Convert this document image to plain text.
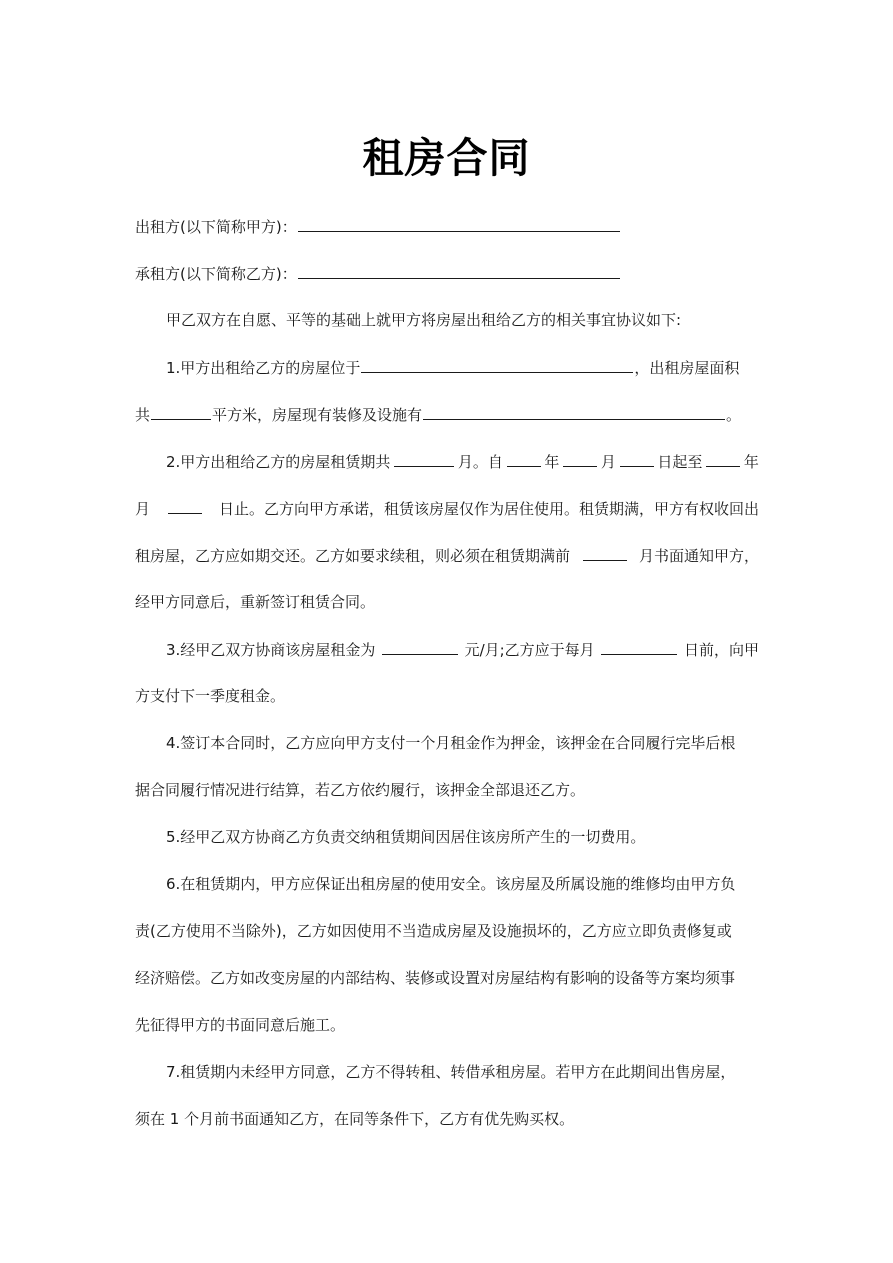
租房合同
出租方(以下简称甲方)：
承租方(以下简称乙方)：
甲乙双方在自愿、平等的基础上就甲方将房屋出租给乙方的相关事宜协议如下:
1.甲方出租给乙方的房屋位于	，出租房屋面积
共	平方米，房屋现有装修及设施有	。
2.甲方出租给乙方的房屋租赁期共	月。自	年	月	日起至	年
月	日止。乙方向甲方承诺，租赁该房屋仅作为居住使用。租赁期满，甲方有权收回出
租房屋，乙方应如期交还。乙方如要求续租，则必须在租赁期满前	月书面通知甲方，
经甲方同意后，重新签订租赁合同。
3.经甲乙双方协商该房屋租金为	元/月;乙方应于每月	日前，向甲
方支付下一季度租金。
4.签订本合同时，乙方应向甲方支付一个月租金作为押金，该押金在合同履行完毕后根
据合同履行情况进行结算，若乙方依约履行，该押金全部退还乙方。
5.经甲乙双方协商乙方负责交纳租赁期间因居住该房所产生的一切费用。
6.在租赁期内，甲方应保证出租房屋的使用安全。该房屋及所属设施的维修均由甲方负
责(乙方使用不当除外)，乙方如因使用不当造成房屋及设施损坏的，乙方应立即负责修复或
经济赔偿。乙方如改变房屋的内部结构、装修或设置对房屋结构有影响的设备等方案均须事
先征得甲方的书面同意后施工。
7.租赁期内未经甲方同意，乙方不得转租、转借承租房屋。若甲方在此期间出售房屋，
须在 1 个月前书面通知乙方，在同等条件下，乙方有优先购买权。
